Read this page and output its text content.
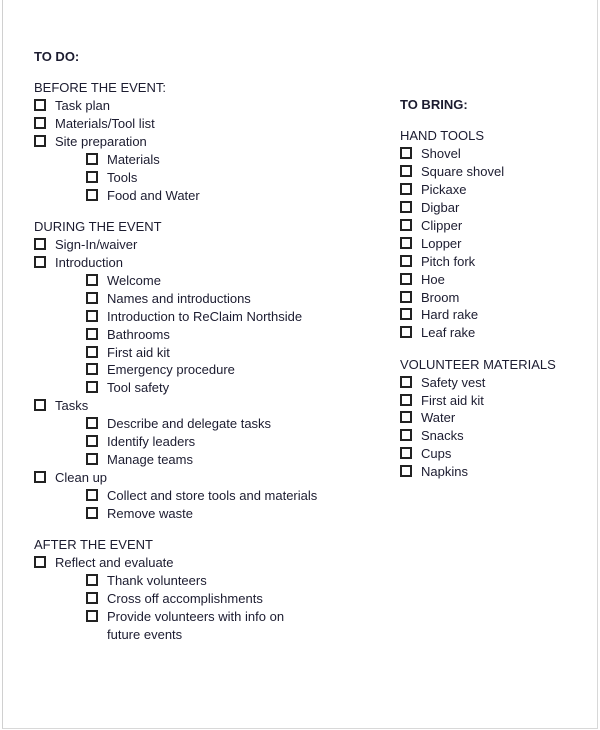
TO DO:
BEFORE THE EVENT:
Task plan
Materials/Tool list
Site preparation
Materials
Tools
Food and Water
DURING THE EVENT
Sign-In/waiver
Introduction
Welcome
Names and introductions
Introduction to ReClaim Northside
Bathrooms
First aid kit
Emergency procedure
Tool safety
Tasks
Describe and delegate tasks
Identify leaders
Manage teams
Clean up
Collect and store tools and materials
Remove waste
AFTER THE EVENT
Reflect and evaluate
Thank volunteers
Cross off accomplishments
Provide volunteers with info on
future events
TO BRING:
HAND TOOLS
Shovel
Square shovel
Pickaxe
Digbar
Clipper
Lopper
Pitch fork
Hoe
Broom
Hard rake
Leaf rake
VOLUNTEER MATERIALS
Safety vest
First aid kit
Water
Snacks
Cups
Napkins
